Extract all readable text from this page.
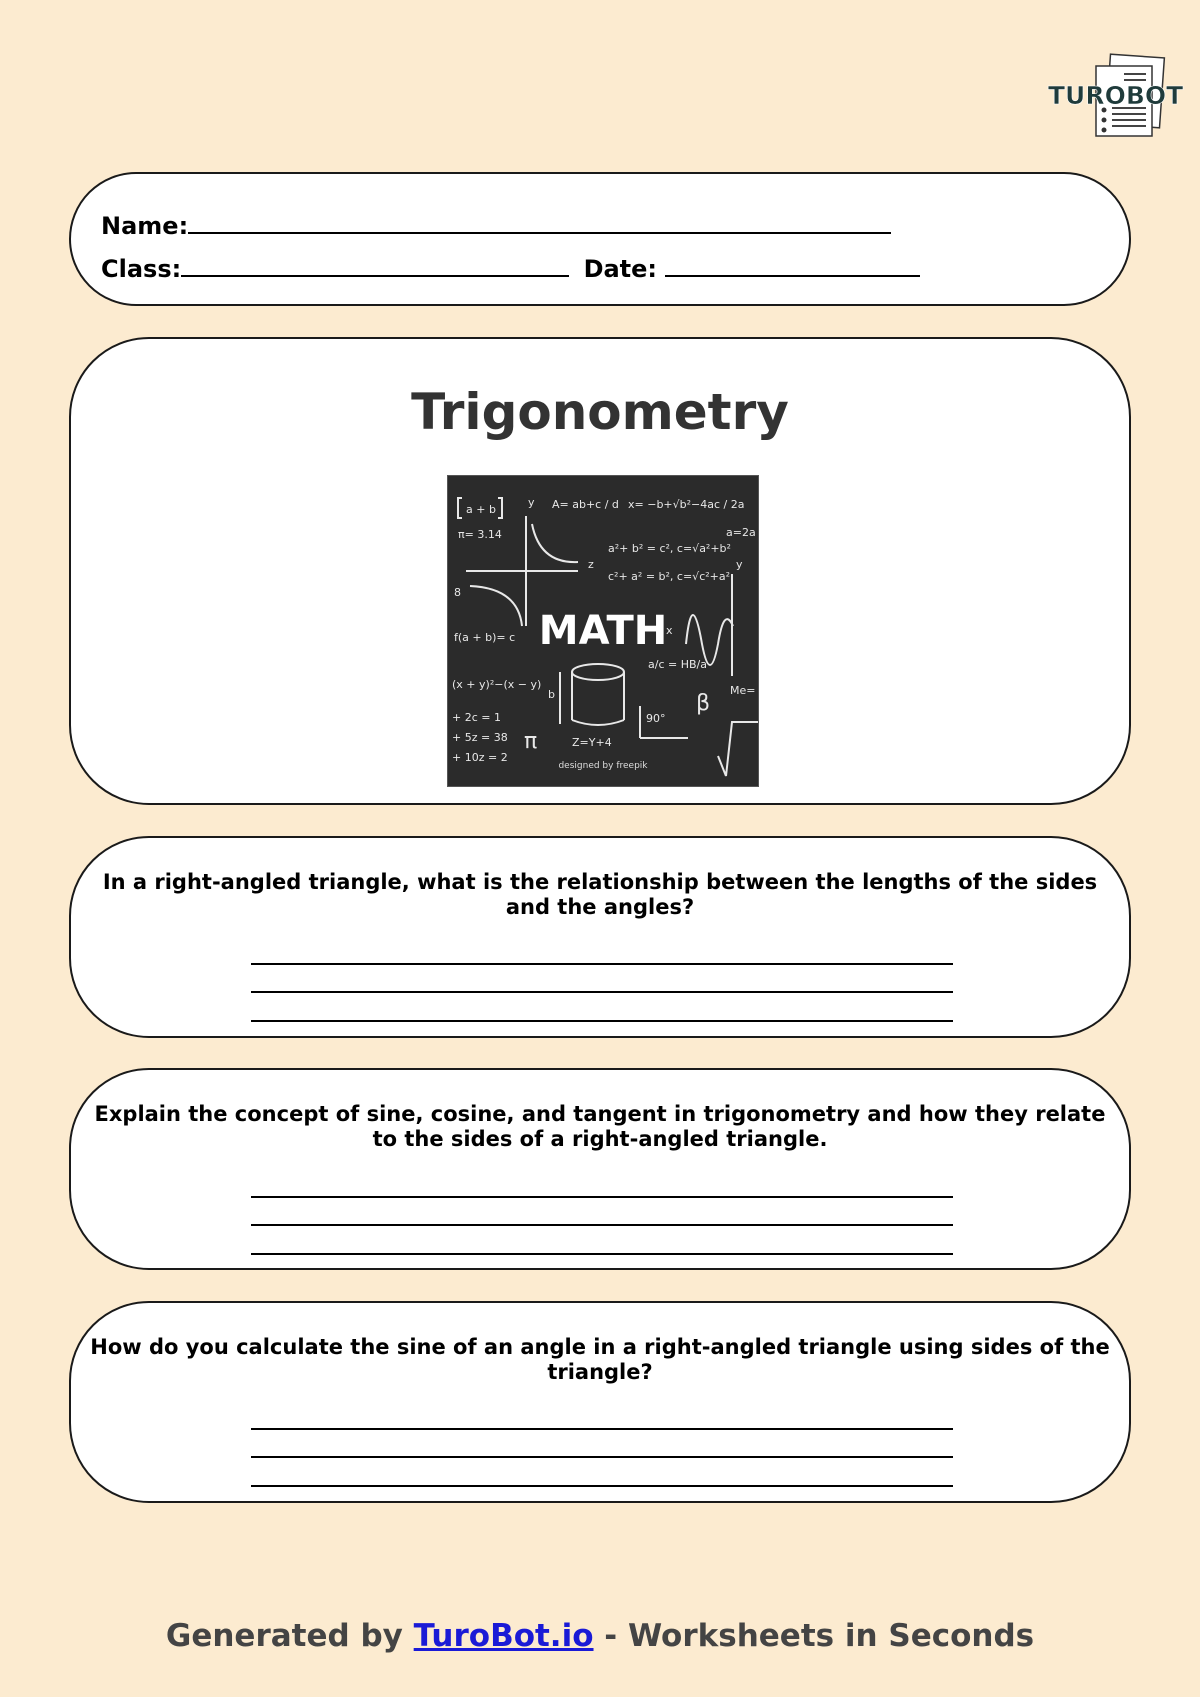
TUROBOT
Name:
Class:	Date:
Trigonometry
a + b
π= 3.14
A= ab+c / d x= −b+√b²−4ac / 2a
a²+ b² = c², c=√a²+b²
c²+ a² = b², c=√c²+a²
a=2a
f(a + b)= c
(x + y)²−(x − y)
+ 2c = 1
+ 5z = 38
+ 10z = 2
π	Z=Y+4
90°
a/c = HB/a
β
Me=
x
y
z	y
b
8
MATH
designed by freepik
In a right-angled triangle, what is the relationship between the lengths of the sides and the angles?
Explain the concept of sine, cosine, and tangent in trigonometry and how they relate to the sides of a right-angled triangle.
How do you calculate the sine of an angle in a right-angled triangle using sides of the triangle?
Generated by TuroBot.io - Worksheets in Seconds
